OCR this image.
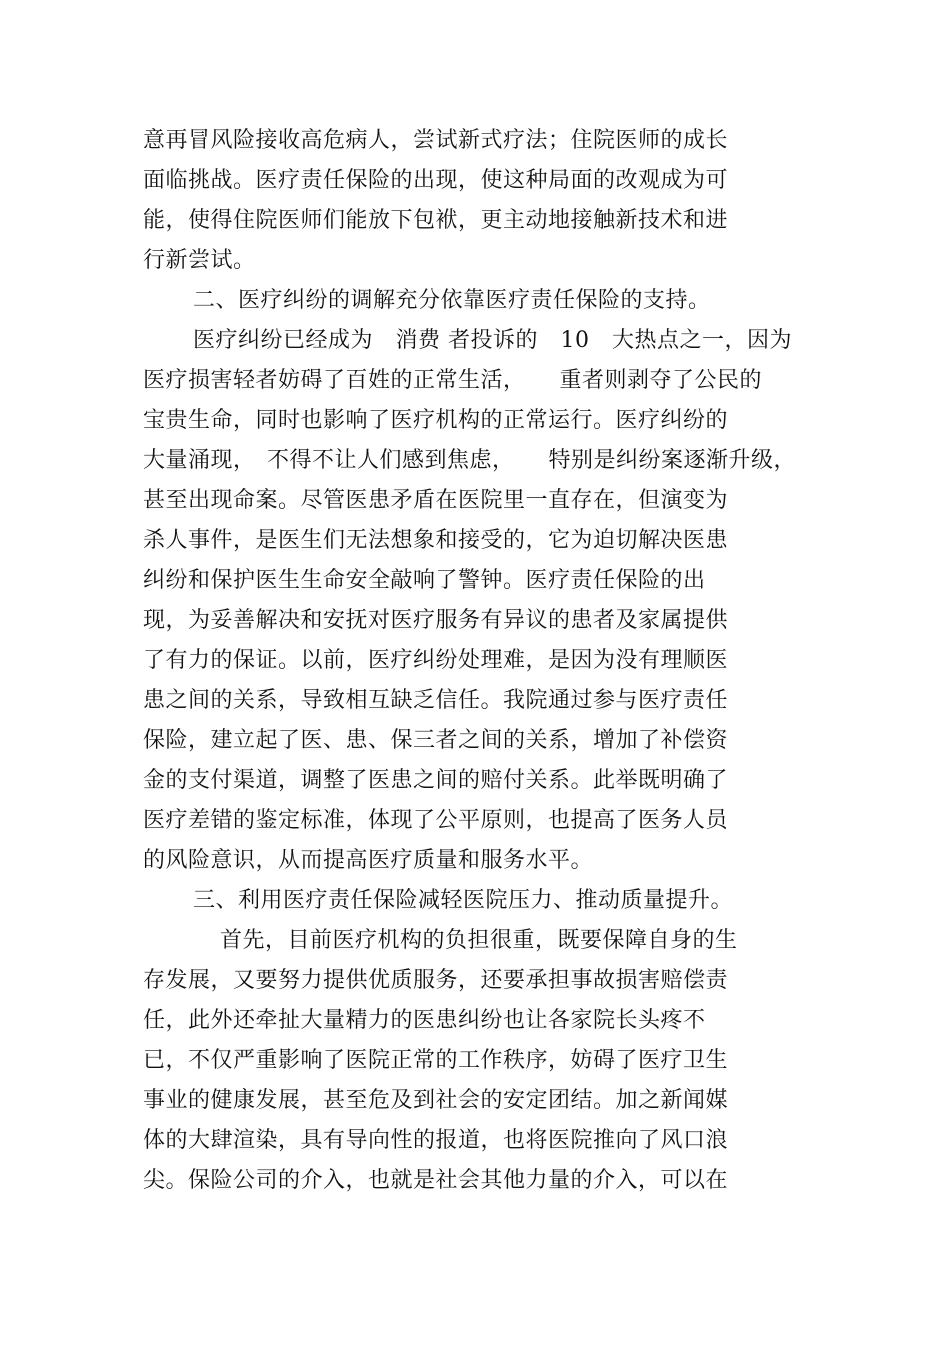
意再冒风险接收高危病人，尝试新式疗法；住院医师的成长
面临挑战。医疗责任保险的出现，使这种局面的改观成为可
能，使得住院医师们能放下包袱，更主动地接触新技术和进
行新尝试。
二、医疗纠纷的调解充分依靠医疗责任保险的支持。
医疗纠纷已经成为　消费 者投诉的　10　大热点之一，因为
医疗损害轻者妨碍了百姓的正常生活，　　重者则剥夺了公民的
宝贵生命，同时也影响了医疗机构的正常运行。医疗纠纷的
大量涌现，　不得不让人们感到焦虑，　　特别是纠纷案逐渐升级，
甚至出现命案。尽管医患矛盾在医院里一直存在，但演变为
杀人事件，是医生们无法想象和接受的，它为迫切解决医患
纠纷和保护医生生命安全敲响了警钟。医疗责任保险的出
现，为妥善解决和安抚对医疗服务有异议的患者及家属提供
了有力的保证。以前，医疗纠纷处理难，是因为没有理顺医
患之间的关系，导致相互缺乏信任。我院通过参与医疗责任
保险，建立起了医、患、保三者之间的关系，增加了补偿资
金的支付渠道，调整了医患之间的赔付关系。此举既明确了
医疗差错的鉴定标准，体现了公平原则，也提高了医务人员
的风险意识，从而提高医疗质量和服务水平。
三、利用医疗责任保险减轻医院压力、推动质量提升。
首先，目前医疗机构的负担很重，既要保障自身的生
存发展，又要努力提供优质服务，还要承担事故损害赔偿责
任，此外还牵扯大量精力的医患纠纷也让各家院长头疼不
已，不仅严重影响了医院正常的工作秩序，妨碍了医疗卫生
事业的健康发展，甚至危及到社会的安定团结。加之新闻媒
体的大肆渲染，具有导向性的报道，也将医院推向了风口浪
尖。保险公司的介入，也就是社会其他力量的介入，可以在
